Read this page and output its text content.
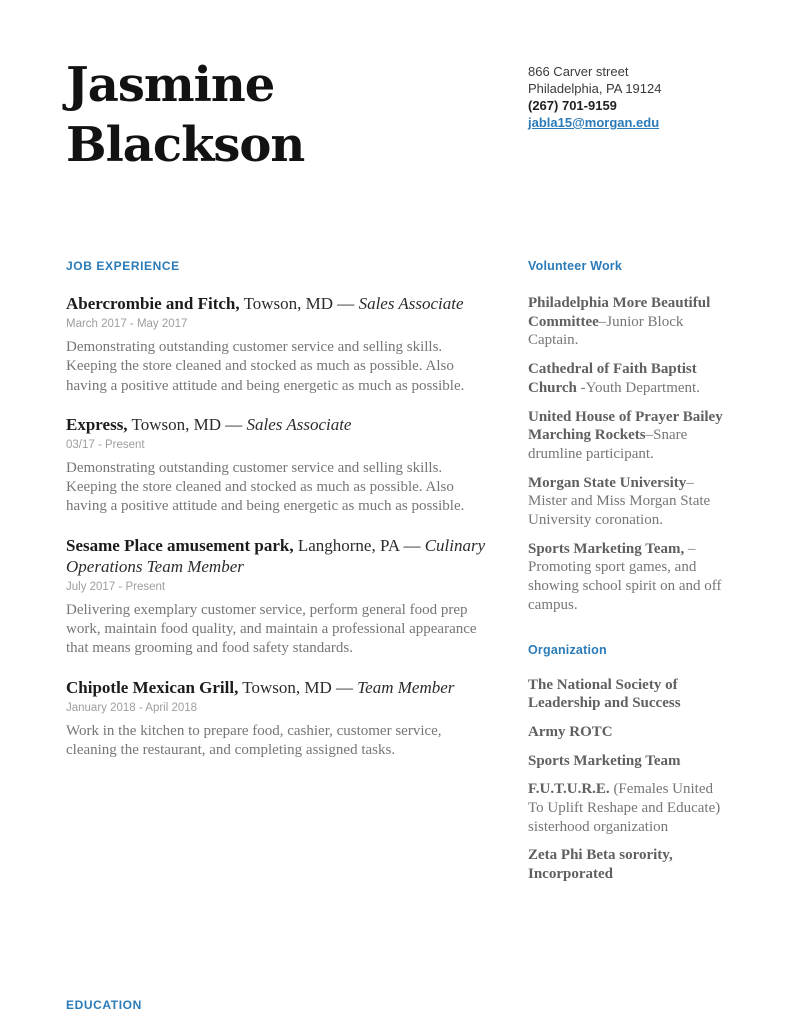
Jasmine Blackson
866 Carver street
Philadelphia, PA 19124
(267) 701-9159
jabla15@morgan.edu
JOB EXPERIENCE
Abercrombie and Fitch, Towson, MD — Sales Associate

March 2017 - May 2017

Demonstrating outstanding customer service and selling skills. Keeping the store cleaned and stocked as much as possible. Also having a positive attitude and being energetic as much as possible.

Express, Towson, MD — Sales Associate

03/17 - Present

Demonstrating outstanding customer service and selling skills. Keeping the store cleaned and stocked as much as possible. Also having a positive attitude and being energetic as much as possible.

Sesame Place amusement park, Langhorne, PA — Culinary Operations Team Member

July 2017 - Present

Delivering exemplary customer service, perform general food prep work, maintain food quality, and maintain a professional appearance that means grooming and food safety standards.

Chipotle Mexican Grill, Towson, MD — Team Member

January 2018 - April 2018

Work in the kitchen to prepare food, cashier, customer service, cleaning the restaurant, and completing assigned tasks.

EDUCATION
Volunteer Work

Philadelphia More Beautiful Committee–Junior Block Captain.

Cathedral of Faith Baptist Church -Youth Department.

United House of Prayer Bailey Marching Rockets–Snare drumline participant.

Morgan State University–Mister and Miss Morgan State University coronation.

Sports Marketing Team, –Promoting sport games, and showing school spirit on and off campus.

Organization

The National Society of Leadership and Success

Army ROTC

Sports Marketing Team

F.U.T.U.R.E. (Females United To Uplift Reshape and Educate) sisterhood organization

Zeta Phi Beta sorority, Incorporated
